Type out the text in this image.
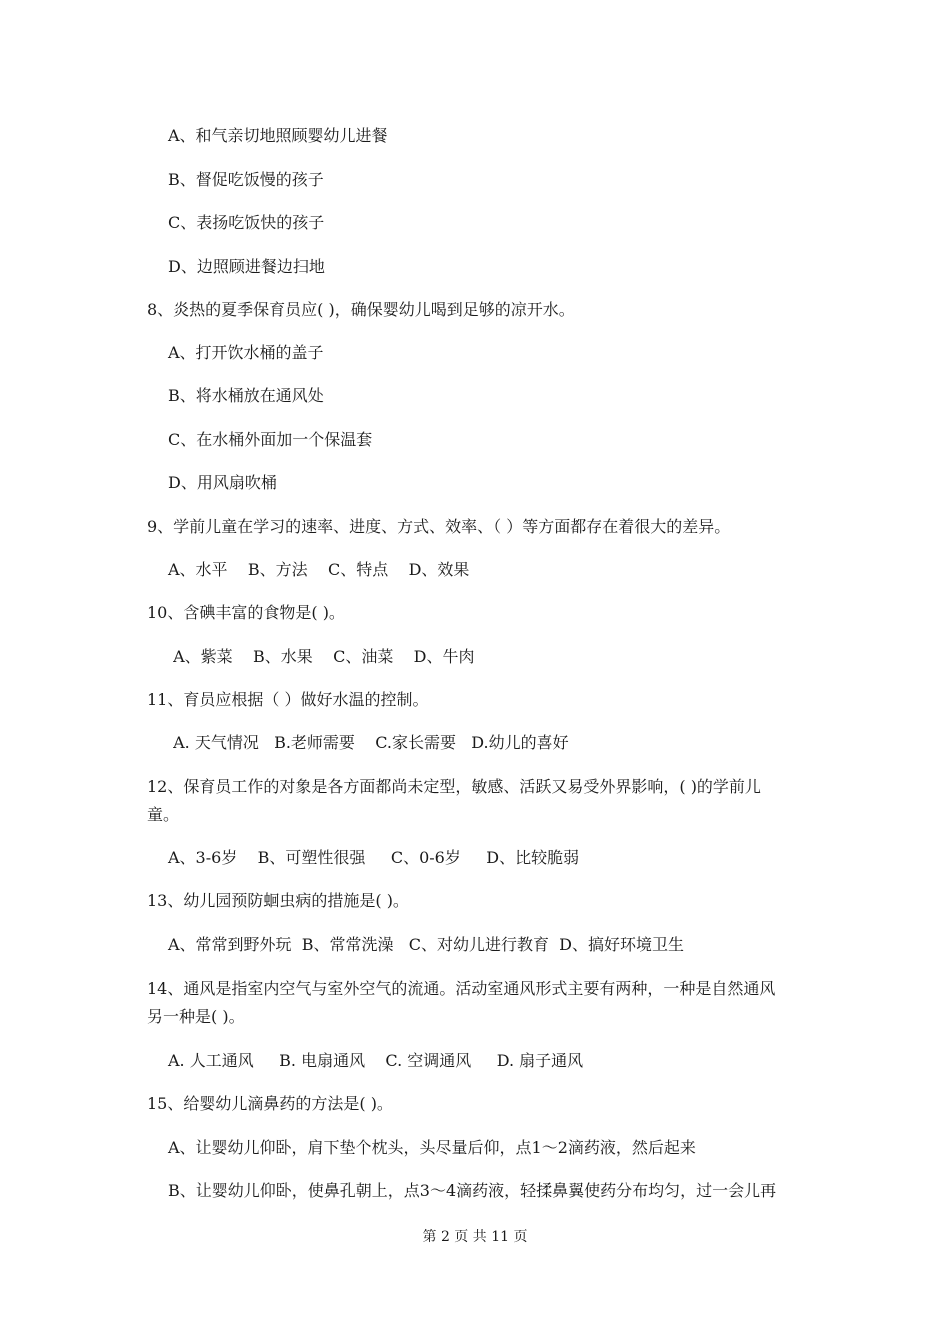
A、和气亲切地照顾婴幼儿进餐
B、督促吃饭慢的孩子
C、表扬吃饭快的孩子
D、边照顾进餐边扫地
8、炎热的夏季保育员应( )，确保婴幼儿喝到足够的凉开水。
A、打开饮水桶的盖子
B、将水桶放在通风处
C、在水桶外面加一个保温套
D、用风扇吹桶
9、学前儿童在学习的速率、进度、方式、效率、（ ）等方面都存在着很大的差异。
A、水平    B、方法    C、特点    D、效果
10、含碘丰富的食物是( )。
A、紫菜    B、水果    C、油菜    D、牛肉
11、育员应根据（ ）做好水温的控制。
A. 天气情况   B.老师需要    C.家长需要   D.幼儿的喜好
12、保育员工作的对象是各方面都尚未定型，敏感、活跃又易受外界影响，( )的学前儿
童。
A、3-6岁    B、可塑性很强     C、0-6岁     D、比较脆弱
13、幼儿园预防蛔虫病的措施是( )。
A、常常到野外玩  B、常常洗澡   C、对幼儿进行教育  D、搞好环境卫生
14、通风是指室内空气与室外空气的流通。活动室通风形式主要有两种，一种是自然通风
另一种是( )。
A. 人工通风     B. 电扇通风    C. 空调通风     D. 扇子通风
15、给婴幼儿滴鼻药的方法是( )。
A、让婴幼儿仰卧，肩下垫个枕头，头尽量后仰，点1～2滴药液，然后起来
B、让婴幼儿仰卧，使鼻孔朝上，点3～4滴药液，轻揉鼻翼使药分布均匀，过一会儿再
第 2 页 共 11 页
